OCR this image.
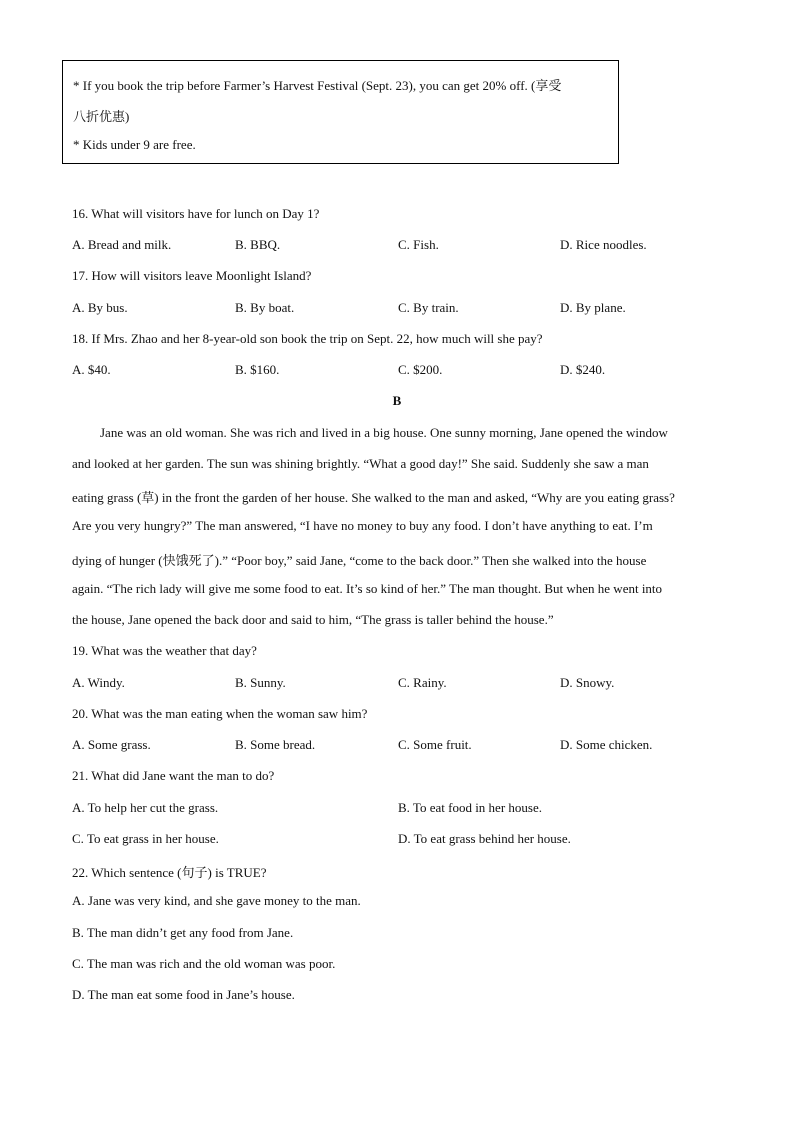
* If you book the trip before Farmer’s Harvest Festival (Sept. 23), you can get 20% off. (享受
八折优惠)
* Kids under 9 are free.
16. What will visitors have for lunch on Day 1?
A. Bread and milk.	B. BBQ.	C. Fish.	D. Rice noodles.
17. How will visitors leave Moonlight Island?
A. By bus.	B. By boat.	C. By train.	D. By plane.
18. If Mrs. Zhao and her 8-year-old son book the trip on Sept. 22, how much will she pay?
A. $40.	B. $160.	C. $200.	D. $240.
B
Jane was an old woman. She was rich and lived in a big house. One sunny morning, Jane opened the window
and looked at her garden. The sun was shining brightly. “What a good day!” She said. Suddenly she saw a man
eating grass (草) in the front the garden of her house. She walked to the man and asked, “Why are you eating grass?
Are you very hungry?” The man answered, “I have no money to buy any food. I don’t have anything to eat. I’m
dying of hunger (快饿死了).” “Poor boy,” said Jane, “come to the back door.” Then she walked into the house
again. “The rich lady will give me some food to eat. It’s so kind of her.” The man thought. But when he went into
the house, Jane opened the back door and said to him, “The grass is taller behind the house.”
19. What was the weather that day?
A. Windy.	B. Sunny.	C. Rainy.	D. Snowy.
20. What was the man eating when the woman saw him?
A. Some grass.	B. Some bread.	C. Some fruit.	D. Some chicken.
21. What did Jane want the man to do?
A. To help her cut the grass.	B. To eat food in her house.
C. To eat grass in her house.	D. To eat grass behind her house.
22. Which sentence (句子) is TRUE?
A. Jane was very kind, and she gave money to the man.
B. The man didn’t get any food from Jane.
C. The man was rich and the old woman was poor.
D. The man eat some food in Jane’s house.
